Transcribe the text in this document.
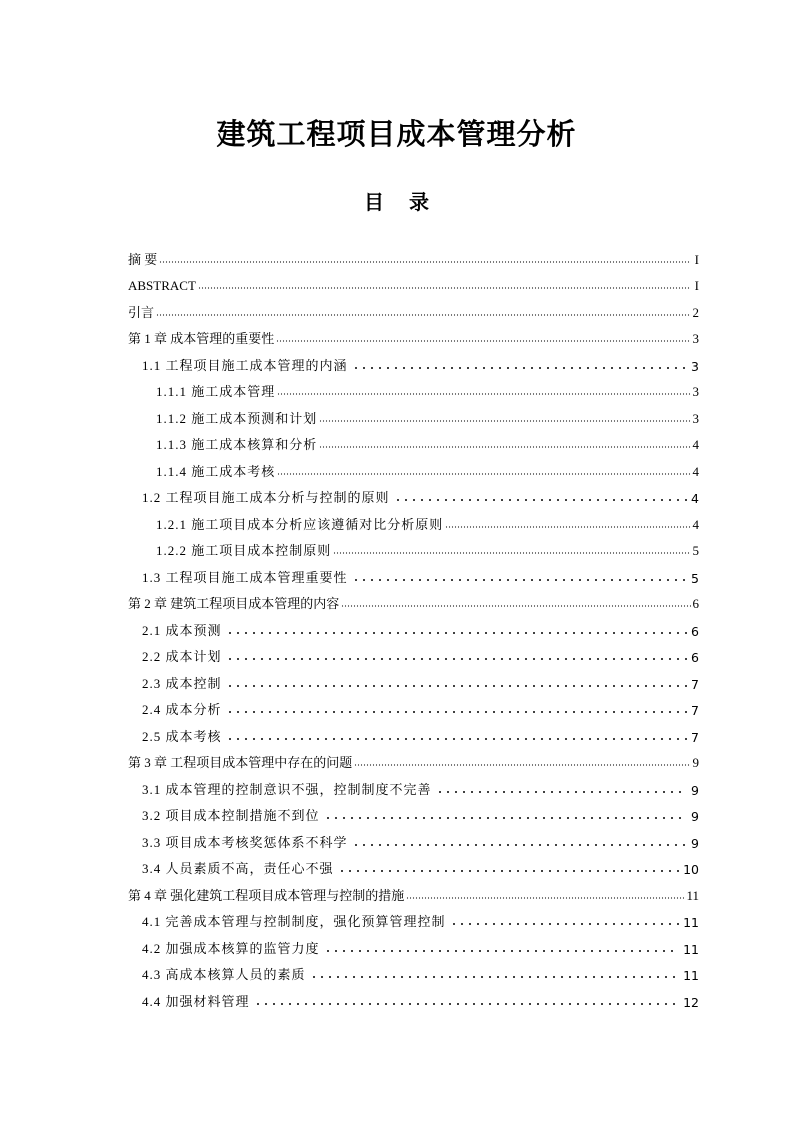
建筑工程项目成本管理分析
目 录
摘 要	I
ABSTRACT	I
引言	2
第 1 章 成本管理的重要性	3
1.1 工程项目施工成本管理的内涵	3
1.1.1 施工成本管理	3
1.1.2 施工成本预测和计划	3
1.1.3 施工成本核算和分析	4
1.1.4 施工成本考核	4
1.2 工程项目施工成本分析与控制的原则	4
1.2.1 施工项目成本分析应该遵循对比分析原则	4
1.2.2 施工项目成本控制原则	5
1.3 工程项目施工成本管理重要性	5
第 2 章 建筑工程项目成本管理的内容	6
2.1 成本预测	6
2.2 成本计划	6
2.3 成本控制	7
2.4 成本分析	7
2.5 成本考核	7
第 3 章 工程项目成本管理中存在的问题	9
3.1 成本管理的控制意识不强，控制制度不完善	9
3.2 项目成本控制措施不到位	9
3.3 项目成本考核奖惩体系不科学	9
3.4 人员素质不高，责任心不强	10
第 4 章 强化建筑工程项目成本管理与控制的措施	11
4.1 完善成本管理与控制制度，强化预算管理控制	11
4.2 加强成本核算的监管力度	11
4.3 高成本核算人员的素质	11
4.4 加强材料管理	12
